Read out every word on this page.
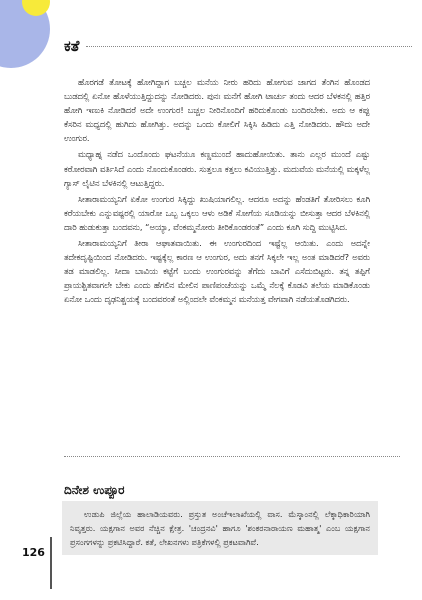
ಕತೆ

ಹೊರಗಡೆ ತೋಟಕ್ಕೆ ಹೋಗಿದ್ದಾಗ ಬಚ್ಚಲ ಮನೆಯ ನೀರು ಹರಿದು ಹೋಗುವ ಜಾಗದ ತೆಂಗಿನ ಹೊಂಡದ ಬುಡದಲ್ಲಿ ಏನೋ ಹೊಳೆಯುತ್ತಿದ್ದುದನ್ನು ನೋಡಿದರು. ಪುನಃ ಮನೆಗೆ ಹೋಗಿ ಟಾರ್ಚು ತಂದು ಆದರ ಬೆಳಕನಲ್ಲಿ ಹತ್ತಿರ ಹೋಗಿ ಇಣುಕಿ ನೋಡಿದರೆ ಅದೇ ಉಂಗುರ! ಬಚ್ಚಲ ನೀರಿನೊಂದಿಗೆ ಹರಿದುಕೊಂಡು ಬಂದಿರಬೇಕು. ಅದು ಆ ಕಪ್ಪು ಕೆಸರಿನ ಮಧ್ಯದಲ್ಲಿ ಹುಗಿದು ಹೋಗಿತ್ತು. ಅದನ್ನು ಒಂದು ಕೋಲಿಗೆ ಸಿಕ್ಕಿಸಿ ಹಿಡಿದು ಎತ್ತಿ ನೋಡಿದರು. ಹೌದು ಅದೇ ಉಂಗುರ.

ಮಧ್ಯಾಹ್ನ ನಡೆದ ಒಂದೊಂದು ಘಟನೆಯೂ ಕಣ್ಣಮುಂದೆ ಹಾದುಹೋಯಿತು. ತಾನು ಎಲ್ಲರ ಮುಂದೆ ಎಷ್ಟು ಕಠೋರವಾಗಿ ವರ್ತಿಸಿದೆ ಎಂದು ನೊಂದುಕೊಂಡರು. ಸುತ್ತಲೂ ಕತ್ತಲು ಕವಿಯುತ್ತಿತ್ತು. ಮದುವೆಯ ಮನೆಯಲ್ಲಿ ಮಕ್ಕಳೆಲ್ಲ ಗ್ಯಾಸ್ ಲೈಟಿನ ಬೆಳಕಿನಲ್ಲಿ ಆಟುತ್ತಿದ್ದರು.

ಸೀತಾರಾಮಯ್ಯನಿಗೆ ಏಕೋ ಉಂಗುರ ಸಿಕ್ಕಿದ್ದು ಖುಷಿಯಾಗಲಿಲ್ಲ. ಆದರೂ ಅದನ್ನು ಹೆಂಡತಿಗೆ ತೋರಿಸಲು ಕೂಗಿ ಕರೆಯಬೇಕು ಎನ್ನುವಷ್ಟರಲ್ಲಿ ಯಾರೋ ಒಬ್ಬ ಒಕ್ಕಲು ಆಳು ಅಡಿಕೆ ಸೋಗೆಯ ಸೂಡಿಯನ್ನು ಬೀಸುತ್ತಾ ಆದರ ಬೆಳಕಿನಲ್ಲಿ ದಾರಿ ಹುಡುಕುತ್ತಾ ಬಂದವನು, “ಅಯ್ಯಾ, ವೆಂಕಮ್ಮನೋರು ತೀರಿಕೊಂಡರಂತೆ” ಎಂದು ಕೂಗಿ ಸುದ್ದಿ ಮುಟ್ಟಿಸಿದ.

ಸೀತಾರಾಮಯ್ಯನಿಗೆ ತೀರಾ ಆಘಾತವಾಯಿತು. ಈ ಉಂಗುರದಿಂದ ಇಷ್ಟೆಲ್ಲ ಆಯಿತು. ಎಂದು ಅದನ್ನೇ ತದೇಕದೃಷ್ಟಿಯಿಂದ ನೋಡಿದರು. ಇಷ್ಟಕ್ಕೆಲ್ಲ ಕಾರಣ ಆ ಉಂಗುರ, ಅದು ತನಗೆ ಸಿಕ್ಕಲೇ ಇಲ್ಲ ಅಂತ ಮಾಡಿದರೆ? ಅವರು ತಡ ಮಾಡಲಿಲ್ಲ. ಸೀದಾ ಬಾವಿಯ ಕಟ್ಟೆಗೆ ಬಂದು ಉಂಗುರವನ್ನು ತೆಗೆದು ಬಾವಿಗೆ ಎಸೆದುಬಿಟ್ಟರು. ತನ್ನ ತಪ್ಪಿಗೆ ಪ್ರಾಯಶ್ಚಿತವಾಗಲೇ ಬೇಕು ಎಂದು ಹೆಗಲಿನ ಮೇಲಿನ ಪಾಣಿಪಂಚೆಯನ್ನು ಒಮ್ಮೆ ನೆಲಕ್ಕೆ ಕೊಡವಿ ತಲೆಯ ಮಾಡಿಕೊಂಡು ಏನೋ ಒಂದು ದೃಢನಿಶ್ಚಯಕ್ಕೆ ಬಂದವರಂತೆ ಅಲ್ಲಿಂದಲೇ ವೆಂಕಮ್ಮನ ಮನೆಯತ್ತ ವೇಗವಾಗಿ ನಡೆಯತೊಡಗಿದರು.

ದಿನೇಶ ಉಪ್ಪೂರ
ಉಡುಪಿ ಜಿಲ್ಲೆಯ ಹಾಲಾಡಿಯವರು. ಪ್ರಸ್ತುತ ಅಂಚೆಇಲಾಖೆಯಲ್ಲಿ ವಾಸ. ಮೆಸ್ಕಾಂನಲ್ಲಿ ಲೆಕ್ಕಾಧಿಕಾರಿಯಾಗಿ ನಿವೃತ್ತರು. ಯಕ್ಷಗಾನ ಅವರ ನೆಚ್ಚಿನ ಕ್ಷೇತ್ರ. 'ಚಂದ್ರನವಿ' ಹಾಗೂ 'ಶಂಕರನಾರಾಯಣ ಮಹಾತ್ಮ' ಎಂಬ ಯಕ್ಷಗಾನ ಪ್ರಸಂಗಗಳನ್ನು ಪ್ರಕಟಿಸಿದ್ದಾರೆ. ಕತೆ, ಲೇಖನಗಳು ಪತ್ರಿಕೆಗಳಲ್ಲಿ ಪ್ರಕಟವಾಗಿವೆ.
126
